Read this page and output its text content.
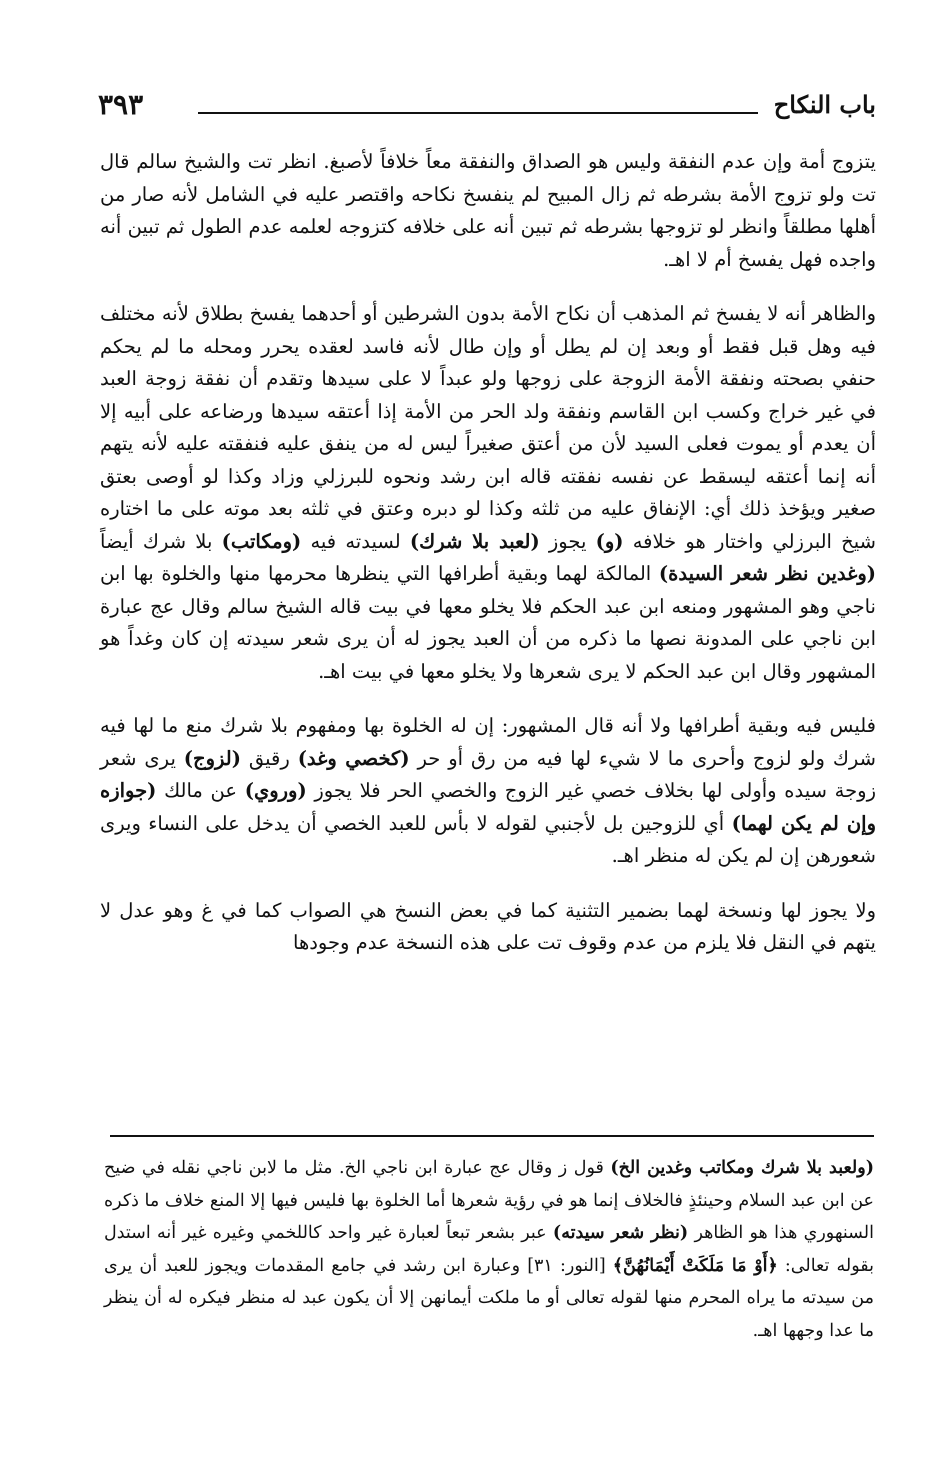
باب النكاح
٣٩٣

يتزوج أمة وإن عدم النفقة وليس هو الصداق والنفقة معاً خلافاً لأصبغ. انظر تت والشيخ سالم قال تت ولو تزوج الأمة بشرطه ثم زال المبيح لم ينفسخ نكاحه واقتصر عليه في الشامل لأنه صار من أهلها مطلقاً وانظر لو تزوجها بشرطه ثم تبين أنه على خلافه كتزوجه لعلمه عدم الطول ثم تبين أنه واجده فهل يفسخ أم لا اهـ.

والظاهر أنه لا يفسخ ثم المذهب أن نكاح الأمة بدون الشرطين أو أحدهما يفسخ بطلاق لأنه مختلف فيه وهل قبل فقط أو وبعد إن لم يطل أو وإن طال لأنه فاسد لعقده يحرر ومحله ما لم يحكم حنفي بصحته ونفقة الأمة الزوجة على زوجها ولو عبداً لا على سيدها وتقدم أن نفقة زوجة العبد في غير خراج وكسب ابن القاسم ونفقة ولد الحر من الأمة إذا أعتقه سيدها ورضاعه على أبيه إلا أن يعدم أو يموت فعلى السيد لأن من أعتق صغيراً ليس له من ينفق عليه فنفقته عليه لأنه يتهم أنه إنما أعتقه ليسقط عن نفسه نفقته قاله ابن رشد ونحوه للبرزلي وزاد وكذا لو أوصى بعتق صغير ويؤخذ ذلك أي: الإنفاق عليه من ثلثه وكذا لو دبره وعتق في ثلثه بعد موته على ما اختاره شيخ البرزلي واختار هو خلافه (و) يجوز (لعبد بلا شرك) لسيدته فيه (ومكاتب) بلا شرك أيضاً (وغدين نظر شعر السيدة) المالكة لهما وبقية أطرافها التي ينظرها محرمها منها والخلوة بها ابن ناجي وهو المشهور ومنعه ابن عبد الحكم فلا يخلو معها في بيت قاله الشيخ سالم وقال عج عبارة ابن ناجي على المدونة نصها ما ذكره من أن العبد يجوز له أن يرى شعر سيدته إن كان وغداً هو المشهور وقال ابن عبد الحكم لا يرى شعرها ولا يخلو معها في بيت اهـ.

فليس فيه وبقية أطرافها ولا أنه قال المشهور: إن له الخلوة بها ومفهوم بلا شرك منع ما لها فيه شرك ولو لزوج وأحرى ما لا شيء لها فيه من رق أو حر (كخصي وغد) رقيق (لزوج) يرى شعر زوجة سيده وأولى لها بخلاف خصي غير الزوج والخصي الحر فلا يجوز (وروي) عن مالك (جوازه وإن لم يكن لهما) أي للزوجين بل لأجنبي لقوله لا بأس للعبد الخصي أن يدخل على النساء ويرى شعورهن إن لم يكن له منظر اهـ.

ولا يجوز لها ونسخة لهما بضمير التثنية كما في بعض النسخ هي الصواب كما في غ وهو عدل لا يتهم في النقل فلا يلزم من عدم وقوف تت على هذه النسخة عدم وجودها

(ولعبد بلا شرك ومكاتب وغدين الخ) قول ز وقال عج عبارة ابن ناجي الخ. مثل ما لابن ناجي نقله في ضيح عن ابن عبد السلام وحينئذٍ فالخلاف إنما هو في رؤية شعرها أما الخلوة بها فليس فيها إلا المنع خلاف ما ذكره السنهوري هذا هو الظاهر (نظر شعر سيدته) عبر بشعر تبعاً لعبارة غير واحد كاللخمي وغيره غير أنه استدل بقوله تعالى: ﴿أَوْ مَا مَلَكَتْ أَيْمَانُهُنَّ﴾ [النور: ٣١] وعبارة ابن رشد في جامع المقدمات ويجوز للعبد أن يرى من سيدته ما يراه المحرم منها لقوله تعالى أو ما ملكت أيمانهن إلا أن يكون عبد له منظر فيكره له أن ينظر ما عدا وجهها اهـ.
